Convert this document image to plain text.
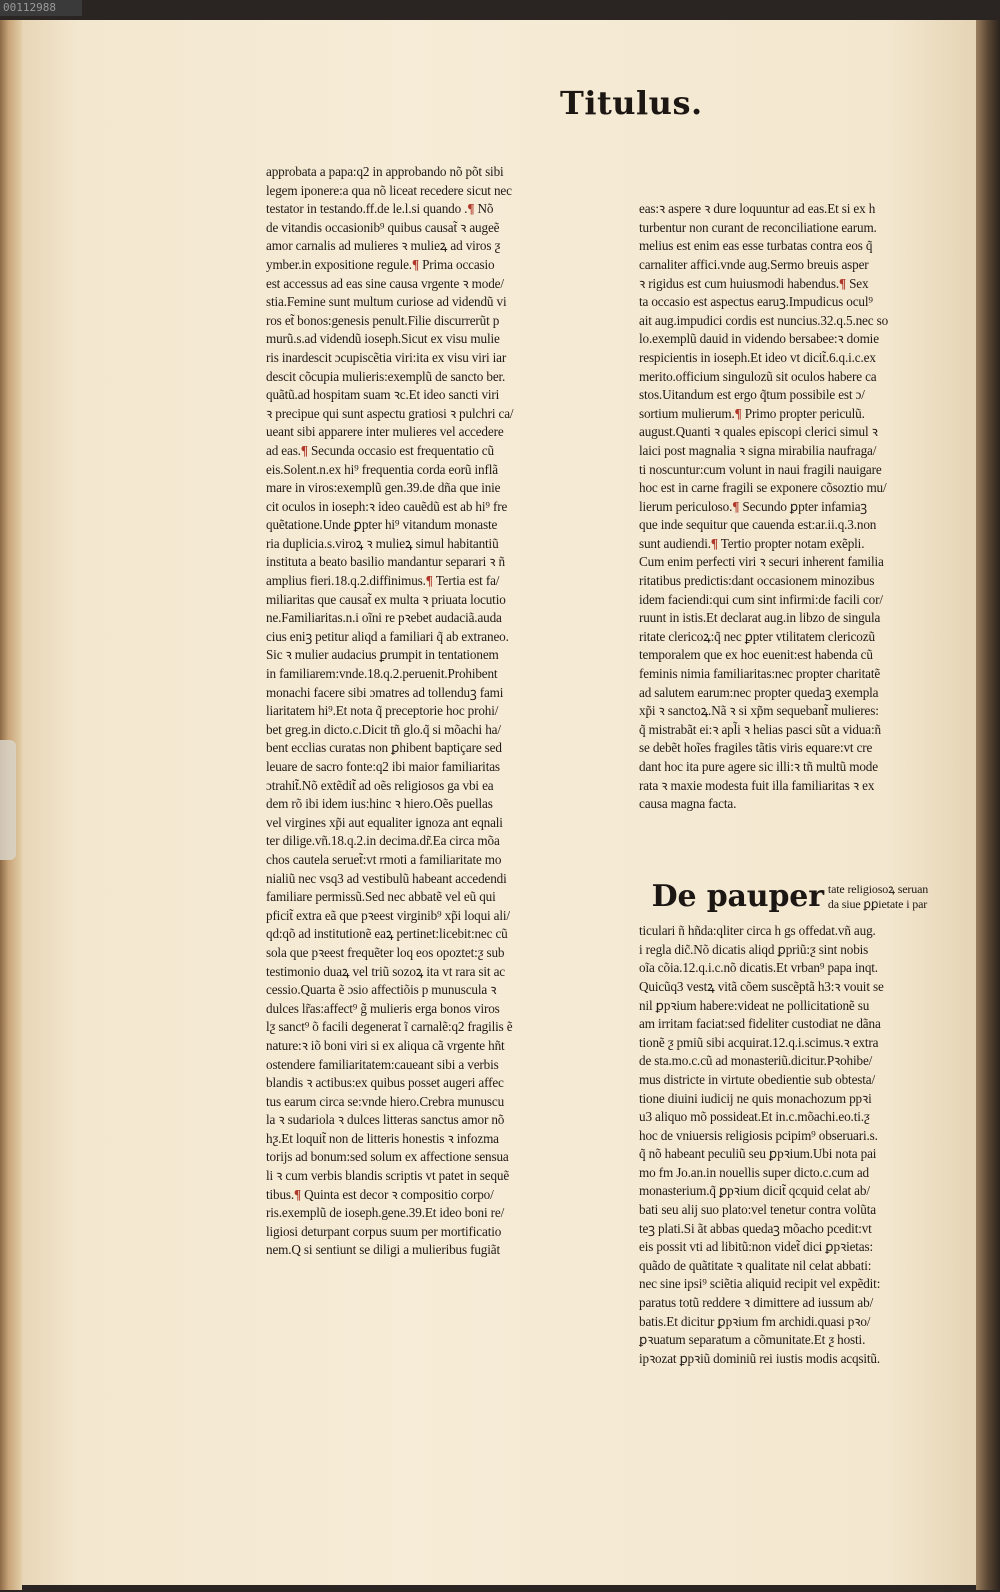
00112988
Titulus.
approbata a papa:q2 in approbando nõ põt sibi
legem iponere:a qua nõ liceat recedere sicut nec
testator in testando.ff.de le.l.si quando .¶ Nõ
de vitandis occasionib⁹ quibus causat̃ ꝛ augeẽ
amor carnalis ad mulieres ꝛ mulieꝝ ad viros ƺ
ymber.in expositione regule.¶ Prima occasio
est accessus ad eas sine causa vrgente ꝛ mode/
stia.Femine sunt multum curiose ad videndũ vi
ros et̃ bonos:genesis penult.Filie discurrerũt p
murũ.s.ad videndũ ioseph.Sicut ex visu mulie
ris inardescit ɔcupiscẽtia viri:ita ex visu viri iar
descit cõcupia mulieris:exemplũ de sancto ber.
quãtũ.ad hospitam suam ꝛc.Et ideo sancti viri
ꝛ precipue qui sunt aspectu gratiosi ꝛ pulchri ca/
ueant sibi apparere inter mulieres vel accedere
ad eas.¶ Secunda occasio est frequentatio cũ
eis.Solent.n.ex hi⁹ frequentia corda eorũ inflã
mare in viros:exemplũ gen.39.de dña que inie
cit oculos in ioseph:ꝛ ideo cauẽdũ est ab hi⁹ fre
quẽtatione.Unde ꝑpter hi⁹ vitandum monaste
ria duplicia.s.viroꝝ ꝛ mulieꝝ simul habitantiũ
instituta a beato basilio mandantur separari ꝛ ñ
amplius fieri.18.q.2.diffinimus.¶ Tertia est fa/
miliaritas que causat̃ ex multa ꝛ priuata locutio
ne.Familiaritas.n.i oĩni re pꝛebet audaciã.auda
cius eniꝫ petitur aliqd a familiari q̃ ab extraneo.
Sic ꝛ mulier audacius ꝑrumpit in tentationem
in familiarem:vnde.18.q.2.peruenit.Prohibent
monachi facere sibi ɔmatres ad tollenduꝫ fami
liaritatem hi⁹.Et nota q̃ preceptorie hoc prohi/
bet greg.in dicto.c.Dicit tñ glo.q̃ si mõachi ha/
bent ecclias curatas non ꝑhibent baptiçare sed
leuare de sacro fonte:q2 ibi maior familiaritas
ɔtrahit̃.Nõ extẽdit̃ ad oẽs religiosos ga vbi ea
dem rõ ibi idem ius:hinc ꝛ hiero.Oẽs puellas
vel virgines xp̃i aut equaliter ignoza ant eqnali
ter dilige.vñ.18.q.2.in decima.dr̃.Ea circa mõa
chos cautela seruet̃:vt rmoti a familiaritate mo
nialiũ nec vsq3 ad vestibulũ habeant accedendi
familiare permissũ.Sed nec abbatẽ vel eũ qui
pficit̃ extra eã que pꝛeest virginib⁹ xp̃i loqui ali/
qd:qõ ad institutionẽ eaꝝ pertinet:licebit:nec cũ
sola que pꝛeest frequẽter loq eos opoztet:ƺ sub
testimonio duaꝝ vel triũ sozoꝝ ita vt rara sit ac
cessio.Quarta ẽ ɔsio affectiõis p munuscula ꝛ
dulces lr̃as:affect⁹ g̃ mulieris erga bonos viros
lƺ sanct⁹ õ facili degenerat ĩ carnalẽ:q2 fragilis ẽ
nature:ꝛ iõ boni viri si ex aliqua cã vrgente hñt
ostendere familiaritatem:caueant sibi a verbis
blandis ꝛ actibus:ex quibus posset augeri affec
tus earum circa se:vnde hiero.Crebra munuscu
la ꝛ sudariola ꝛ dulces litteras sanctus amor nõ
hƺ.Et loquit̃ non de litteris honestis ꝛ infozma
torijs ad bonum:sed solum ex affectione sensua
li ꝛ cum verbis blandis scriptis vt patet in sequẽ
tibus.¶ Quinta est decor ꝛ compositio corpo/
ris.exemplũ de ioseph.gene.39.Et ideo boni re/
ligiosi deturpant corpus suum per mortificatio
nem.Q si sentiunt se diligi a mulieribus fugiãt

eas:ꝛ aspere ꝛ dure loquuntur ad eas.Et si ex h
turbentur non curant de reconciliatione earum.
melius est enim eas esse turbatas contra eos q̃
carnaliter affici.vnde aug.Sermo breuis asper
ꝛ rigidus est cum huiusmodi habendus.¶ Sex
ta occasio est aspectus earuꝫ.Impudicus ocul⁹
ait aug.impudici cordis est nuncius.32.q.5.nec so
lo.exemplũ dauid in videndo bersabee:ꝛ domie
respicientis in ioseph.Et ideo vt dicit̃.6.q.i.c.ex
merito.officium singulozũ sit oculos habere ca
stos.Uitandum est ergo q̃tum possibile est ɔ/
sortium mulierum.¶ Primo propter periculũ.
august.Quanti ꝛ quales episcopi clerici simul ꝛ
laici post magnalia ꝛ signa mirabilia naufraga/
ti noscuntur:cum volunt in naui fragili nauigare
hoc est in carne fragili se exponere cõsoztio mu/
lierum periculoso.¶ Secundo ꝑpter infamiaꝫ
que inde sequitur que cauenda est:ar.ii.q.3.non
sunt audiendi.¶ Tertio propter notam exẽpli.
Cum enim perfecti viri ꝛ securi inherent familia
ritatibus predictis:dant occasionem minozibus
idem faciendi:qui cum sint infirmi:de facili cor/
ruunt in istis.Et declarat aug.in libzo de singula
ritate clericoꝝ:q̃ nec ꝑpter vtilitatem clericozũ
temporalem que ex hoc euenit:est habenda cũ
feminis nimia familiaritas:nec propter charitatẽ
ad salutem earum:nec propter quedaꝫ exempla
xp̃i ꝛ sanctoꝝ.Nã ꝛ si xp̃m sequebant̃ mulieres:
q̃ mistrabãt ei:ꝛ apl̃i ꝛ helias pasci sũt a vidua:ñ
se debẽt hoĩes fragiles tãtis viris equare:vt cre
dant hoc ita pure agere sic illi:ꝛ tñ multũ mode
rata ꝛ maxie modesta fuit illa familiaritas ꝛ ex
causa magna facta.

De pauper tate religiosoꝝ seruan
da siue ꝑꝑietate i par

ticulari ñ hñda:qliter circa h gs offedat.vñ aug.
i regla dic̃.Nõ dicatis aliqd ꝑpriũ:ƺ sint nobis
oĩa cõia.12.q.i.c.nõ dicatis.Et vrban⁹ papa inqt.
Quicũq3 vestꝝ vitã cõem suscẽptã h3:ꝛ vouit se
nil ꝑpꝛium habere:videat ne pollicitationẽ su
am irritam faciat:sed fideliter custodiat ne dãna
tionẽ ƺ pmiũ sibi acquirat.12.q.i.scimus.ꝛ extra
de sta.mo.c.cũ ad monasteriũ.dicitur.Pꝛohibe/
mus districte in virtute obedientie sub obtesta/
tione diuini iudicij ne quis monachozum ppꝛi
u3 aliquo mõ possideat.Et in.c.mõachi.eo.ti.ƺ
hoc de vniuersis religiosis pcipim⁹ obseruari.s.
q̃ nõ habeant peculiũ seu ꝑpꝛium.Ubi nota pai
mo fm Jo.an.in nouellis super dicto.c.cum ad
monasterium.q̃ ꝑpꝛium dicit̃ qcquid celat ab/
bati seu alij suo plato:vel tenetur contra volũta
teꝫ plati.Si ãt abbas quedaꝫ mõacho pcedit:vt
eis possit vti ad libitũ:non videt̃ dici ꝑpꝛietas:
quãdo de quãtitate ꝛ qualitate nil celat abbati:
nec sine ipsi⁹ sciẽtia aliquid recipit vel expẽdit:
paratus totũ reddere ꝛ dimittere ad iussum ab/
batis.Et dicitur ꝑpꝛium fm archidi.quasi pꝛo/
ꝑꝛuatum separatum a cõmunitate.Et ƺ hosti.
ipꝛozat ꝑpꝛiũ dominiũ rei iustis modis acqsitũ.
